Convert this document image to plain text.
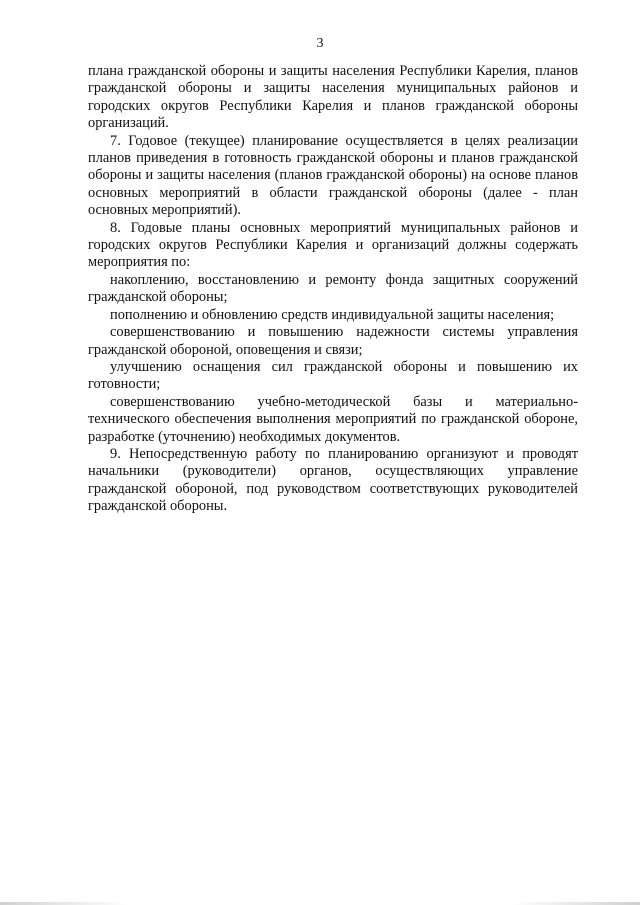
3

плана гражданской обороны и защиты населения Республики Карелия, планов гражданской обороны и защиты населения муниципальных районов и городских округов Республики Карелия и планов гражданской обороны организаций.

7. Годовое (текущее) планирование осуществляется в целях реализации планов приведения в готовность гражданской обороны и планов гражданской обороны и защиты населения (планов гражданской обороны) на основе планов основных мероприятий в области гражданской обороны (далее - план основных мероприятий).

8. Годовые планы основных мероприятий муниципальных районов и городских округов Республики Карелия и организаций должны содержать мероприятия по:

накоплению, восстановлению и ремонту фонда защитных сооружений гражданской обороны;

пополнению и обновлению средств индивидуальной защиты населения;

совершенствованию и повышению надежности системы управления гражданской обороной, оповещения и связи;

улучшению оснащения сил гражданской обороны и повышению их готовности;

совершенствованию учебно-методической базы и материально-технического обеспечения выполнения мероприятий по гражданской обороне, разработке (уточнению) необходимых документов.

9. Непосредственную работу по планированию организуют и проводят начальники (руководители) органов, осуществляющих управление гражданской обороной, под руководством соответствующих руководителей гражданской обороны.
